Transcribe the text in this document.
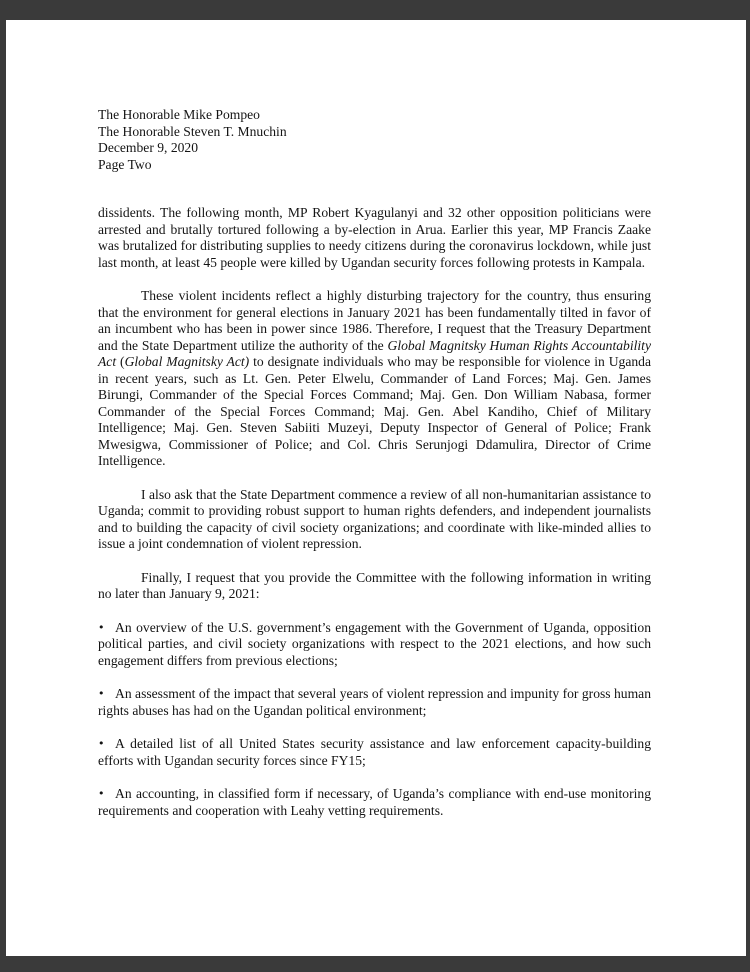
The Honorable Mike Pompeo
The Honorable Steven T. Mnuchin
December 9, 2020
Page Two

dissidents. The following month, MP Robert Kyagulanyi and 32 other opposition politicians were arrested and brutally tortured following a by-election in Arua. Earlier this year, MP Francis Zaake was brutalized for distributing supplies to needy citizens during the coronavirus lockdown, while just last month, at least 45 people were killed by Ugandan security forces following protests in Kampala.

These violent incidents reflect a highly disturbing trajectory for the country, thus ensuring that the environment for general elections in January 2021 has been fundamentally tilted in favor of an incumbent who has been in power since 1986. Therefore, I request that the Treasury Department and the State Department utilize the authority of the Global Magnitsky Human Rights Accountability Act (Global Magnitsky Act) to designate individuals who may be responsible for violence in Uganda in recent years, such as Lt. Gen. Peter Elwelu, Commander of Land Forces; Maj. Gen. James Birungi, Commander of the Special Forces Command; Maj. Gen. Don William Nabasa, former Commander of the Special Forces Command; Maj. Gen. Abel Kandiho, Chief of Military Intelligence; Maj. Gen. Steven Sabiiti Muzeyi, Deputy Inspector of General of Police; Frank Mwesigwa, Commissioner of Police; and Col. Chris Serunjogi Ddamulira, Director of Crime Intelligence.

I also ask that the State Department commence a review of all non-humanitarian assistance to Uganda; commit to providing robust support to human rights defenders, and independent journalists and to building the capacity of civil society organizations; and coordinate with like-minded allies to issue a joint condemnation of violent repression.

Finally, I request that you provide the Committee with the following information in writing no later than January 9, 2021:

• An overview of the U.S. government’s engagement with the Government of Uganda, opposition political parties, and civil society organizations with respect to the 2021 elections, and how such engagement differs from previous elections;
• An assessment of the impact that several years of violent repression and impunity for gross human rights abuses has had on the Ugandan political environment;
• A detailed list of all United States security assistance and law enforcement capacity-building efforts with Ugandan security forces since FY15;
• An accounting, in classified form if necessary, of Uganda’s compliance with end-use monitoring requirements and cooperation with Leahy vetting requirements.
